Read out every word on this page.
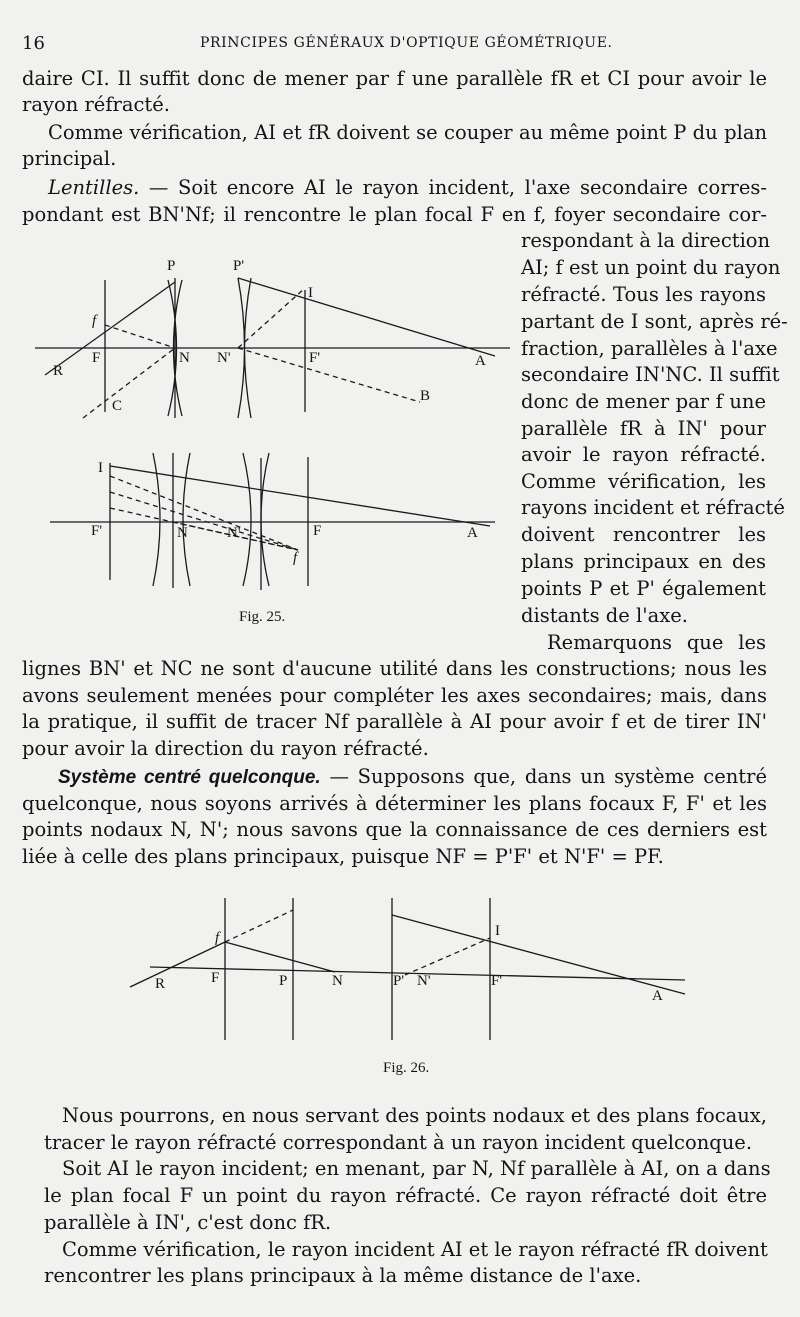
16	PRINCIPES GÉNÉRAUX D'OPTIQUE GÉOMÉTRIQUE.
daire CI. Il suffit donc de mener par f une parallèle fR et CI pour avoir le
rayon réfracté.
Comme vérification, AI et fR doivent se couper au même point P du plan
principal.
Lentilles. — Soit encore AI le rayon incident, l'axe secondaire corres-
pondant est BN'Nf; il rencontre le plan focal F en f, foyer secondaire cor-
respondant à la direction
AI; f est un point du rayon
réfracté. Tous les rayons
partant de I sont, après ré-
fraction, parallèles à l'axe
secondaire IN'NC. Il suffit
donc de mener par f une
parallèle fR à IN' pour
avoir le rayon réfracté.
Comme vérification, les
rayons incident et réfracté
doivent rencontrer les
plans principaux en des
points P et P' également
distants de l'axe.
Remarquons que les
lignes BN' et NC ne sont d'aucune utilité dans les constructions; nous les
avons seulement menées pour compléter les axes secondaires; mais, dans
la pratique, il suffit de tracer Nf parallèle à AI pour avoir f et de tirer IN'
pour avoir la direction du rayon réfracté.
Système centré quelconque. — Supposons que, dans un système centré
quelconque, nous soyons arrivés à déterminer les plans focaux F, F' et les
points nodaux N, N'; nous savons que la connaissance de ces derniers est
liée à celle des plans principaux, puisque NF = P'F' et N'F' = PF.
P	P'
I
f
F	N N'	F'	A
R
C
B
I
F'	N	N'	F	A
f
Fig. 25.
f
F	P	N
R	P' N'	F'
I
A
Fig. 26.
Nous pourrons, en nous servant des points nodaux et des plans focaux,
tracer le rayon réfracté correspondant à un rayon incident quelconque.
Soit AI le rayon incident; en menant, par N, Nf parallèle à AI, on a dans
le plan focal F un point du rayon réfracté. Ce rayon réfracté doit être
parallèle à IN', c'est donc fR.
Comme vérification, le rayon incident AI et le rayon réfracté fR doivent
rencontrer les plans principaux à la même distance de l'axe.
